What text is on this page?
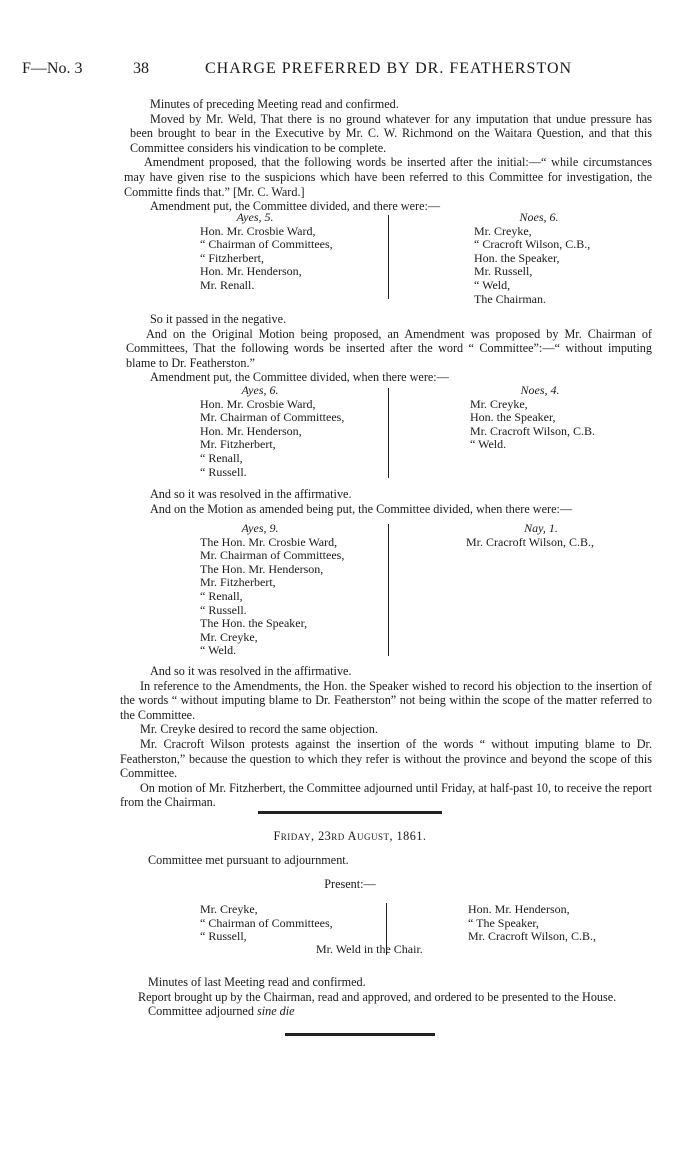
F—No. 3	38	CHARGE PREFERRED BY DR. FEATHERSTON

Minutes of preceding Meeting read and confirmed.

Moved by Mr. Weld, That there is no ground whatever for any imputation that undue pressure has been brought to bear in the Executive by Mr. C. W. Richmond on the Waitara Question, and that this Committee considers his vindication to be complete.

Amendment proposed, that the following words be inserted after the initial:—“ while circumstances may have given rise to the suspicions which have been referred to this Committee for investigation, the Committe finds that.” [Mr. C. Ward.]

Amendment put, the Committee divided, and there were:—

Ayes, 5.
Hon. Mr. Crosbie Ward,
“ Chairman of Committees,
“ Fitzherbert,
Hon. Mr. Henderson,
Mr. Renall.
Noes, 6.
Mr. Creyke,
“ Cracroft Wilson, C.B.,
Hon. the Speaker,
Mr. Russell,
“ Weld,
The Chairman.

So it passed in the negative.

And on the Original Motion being proposed, an Amendment was proposed by Mr. Chairman of Committees, That the following words be inserted after the word “ Committee”:—“ without imputing blame to Dr. Featherston.”

Amendment put, the Committee divided, when there were:—

Ayes, 6.
Hon. Mr. Crosbie Ward,
Mr. Chairman of Committees,
Hon. Mr. Henderson,
Mr. Fitzherbert,
“ Renall,
“ Russell.
Noes, 4.
Mr. Creyke,
Hon. the Speaker,
Mr. Cracroft Wilson, C.B.
“ Weld.

And so it was resolved in the affirmative.

And on the Motion as amended being put, the Committee divided, when there were:—

Ayes, 9.
The Hon. Mr. Crosbie Ward,
Mr. Chairman of Committees,
The Hon. Mr. Henderson,
Mr. Fitzherbert,
“ Renall,
“ Russell.
The Hon. the Speaker,
Mr. Creyke,
“ Weld.
Nay, 1.
Mr. Cracroft Wilson, C.B.,

And so it was resolved in the affirmative.

In reference to the Amendments, the Hon. the Speaker wished to record his objection to the insertion of the words “ without imputing blame to Dr. Featherston” not being within the scope of the matter referred to the Committee.

Mr. Creyke desired to record the same objection.

Mr. Cracroft Wilson protests against the insertion of the words “ without imputing blame to Dr. Featherston,” because the question to which they refer is without the province and beyond the scope of this Committee.

On motion of Mr. Fitzherbert, the Committee adjourned until Friday, at half-past 10, to receive the report from the Chairman.

Friday, 23rd August, 1861.
Committee met pursuant to adjournment.
Present:—
Mr. Creyke,
“ Chairman of Committees,
“ Russell,
Hon. Mr. Henderson,
“ The Speaker,
Mr. Cracroft Wilson, C.B.,
Mr. Weld in the Chair.

Minutes of last Meeting read and confirmed.

Report brought up by the Chairman, read and approved, and ordered to be presented to the House.

Committee adjourned sine die
